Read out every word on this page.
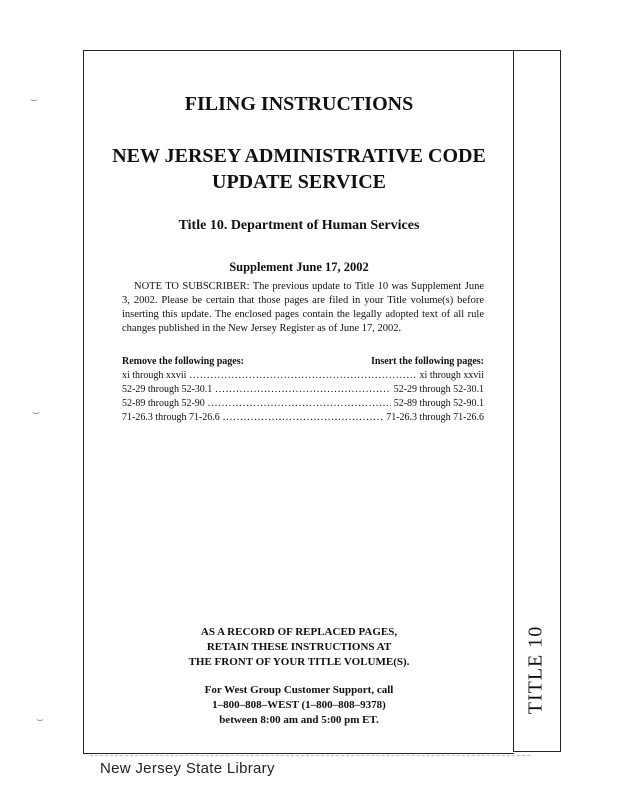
TITLE 10
FILING INSTRUCTIONS
NEW JERSEY ADMINISTRATIVE CODE
UPDATE SERVICE
Title 10. Department of Human Services
Supplement June 17, 2002

NOTE TO SUBSCRIBER: The previous update to Title 10 was Supplement June 3, 2002. Please be certain that those pages are filed in your Title volume(s) before inserting this update. The enclosed pages contain the legally adopted text of all rule changes published in the New Jersey Register as of June 17, 2002.

Remove the following pages:	Insert the following pages:
xi through xxvii .....	xi through xxvii
52-29 through 52-30.1 .....	52-29 through 52-30.1
52-89 through 52-90 .....	52-89 through 52-90.1
71-26.3 through 71-26.6 .....	71-26.3 through 71-26.6
AS A RECORD OF REPLACED PAGES,
RETAIN THESE INSTRUCTIONS AT
THE FRONT OF YOUR TITLE VOLUME(S).
For West Group Customer Support, call
1–800–808–WEST (1–800–808–9378)
between 8:00 am and 5:00 pm ET.
New Jersey State Library
⌣
⌣
⌣
